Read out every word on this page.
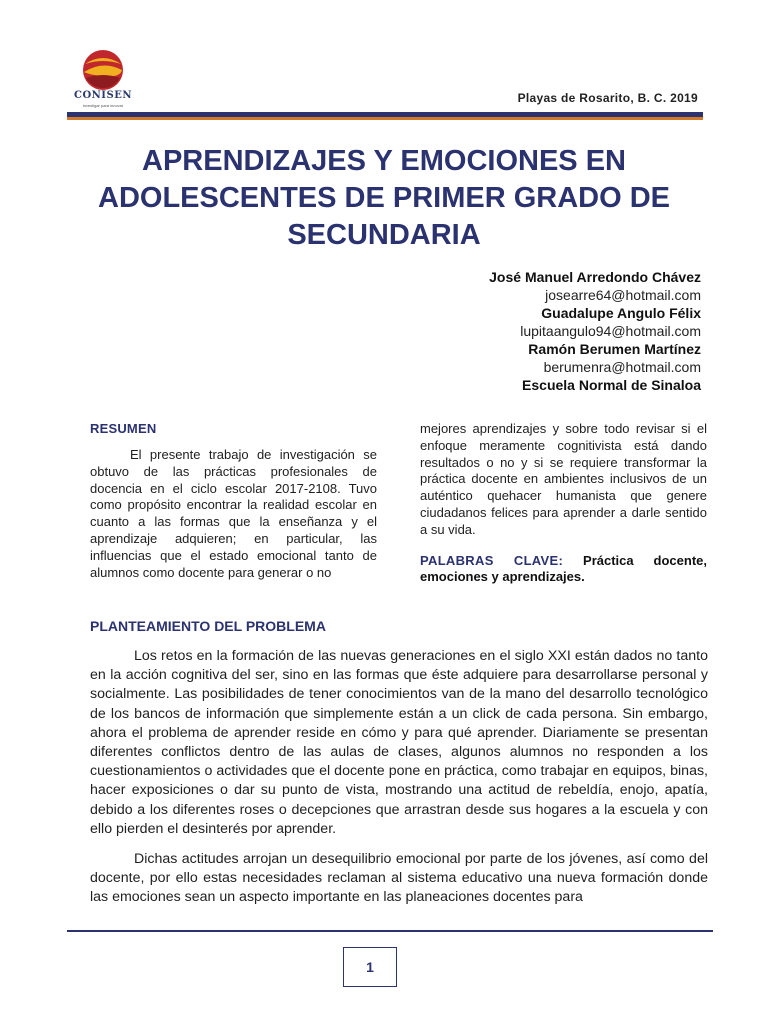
CONISEN
investigar para innovar
Playas de Rosarito, B. C. 2019
APRENDIZAJES Y EMOCIONES EN ADOLESCENTES DE PRIMER GRADO DE SECUNDARIA
José Manuel Arredondo Chávez
josearre64@hotmail.com
Guadalupe Angulo Félix
lupitaangulo94@hotmail.com
Ramón Berumen Martínez
berumenra@hotmail.com
Escuela Normal de Sinaloa
RESUMEN

El presente trabajo de investigación se obtuvo de las prácticas profesionales de docencia en el ciclo escolar 2017-2108. Tuvo como propósito encontrar la realidad escolar en cuanto a las formas que la enseñanza y el aprendizaje adquieren; en particular, las influencias que el estado emocional tanto de alumnos como docente para generar o no

mejores aprendizajes y sobre todo revisar si el enfoque meramente cognitivista está dando resultados o no y si se requiere transformar la práctica docente en ambientes inclusivos de un auténtico quehacer humanista que genere ciudadanos felices para aprender a darle sentido a su vida.

PALABRAS CLAVE: Práctica docente, emociones y aprendizajes.

PLANTEAMIENTO DEL PROBLEMA

Los retos en la formación de las nuevas generaciones en el siglo XXI están dados no tanto en la acción cognitiva del ser, sino en las formas que éste adquiere para desarrollarse personal y socialmente. Las posibilidades de tener conocimientos van de la mano del desarrollo tecnológico de los bancos de información que simplemente están a un click de cada persona. Sin embargo, ahora el problema de aprender reside en cómo y para qué aprender. Diariamente se presentan diferentes conflictos dentro de las aulas de clases, algunos alumnos no responden a los cuestionamientos o actividades que el docente pone en práctica, como trabajar en equipos, binas, hacer exposiciones o dar su punto de vista, mostrando una actitud de rebeldía, enojo, apatía, debido a los diferentes roses o decepciones que arrastran desde sus hogares a la escuela y con ello pierden el desinterés por aprender.

Dichas actitudes arrojan un desequilibrio emocional por parte de los jóvenes, así como del docente, por ello estas necesidades reclaman al sistema educativo una nueva formación donde las emociones sean un aspecto importante en las planeaciones docentes para

1
